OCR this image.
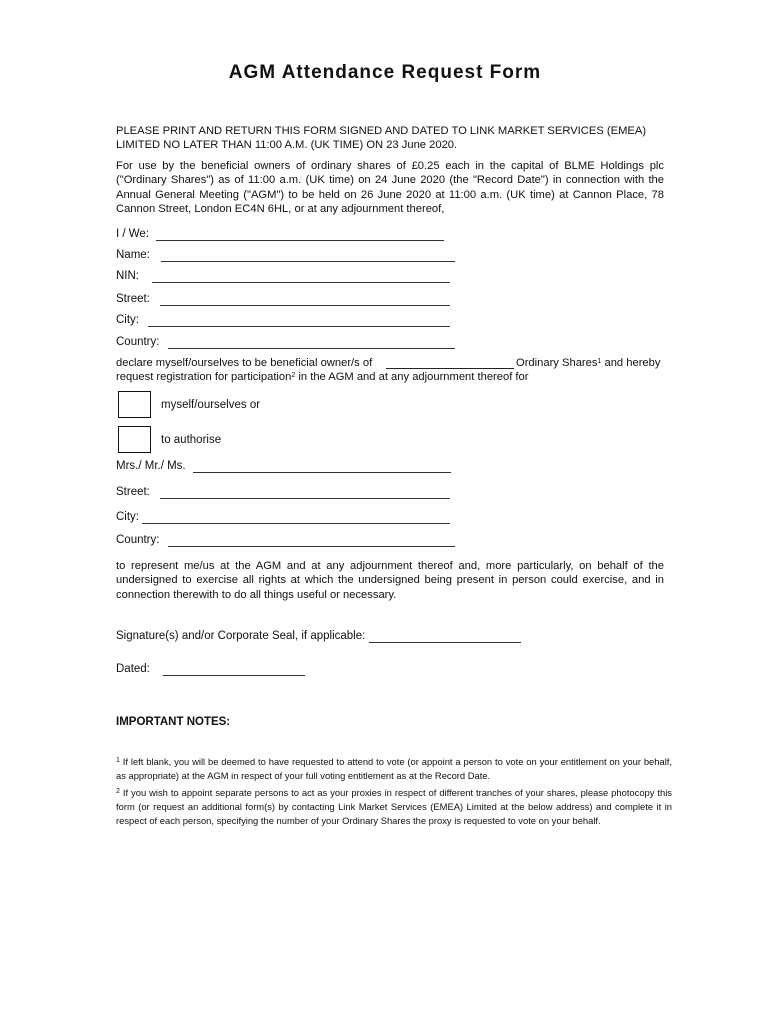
AGM Attendance Request Form
PLEASE PRINT AND RETURN THIS FORM SIGNED AND DATED TO LINK MARKET SERVICES (EMEA) LIMITED NO LATER THAN 11:00 A.M. (UK TIME) ON 23 June 2020.
For use by the beneficial owners of ordinary shares of £0.25 each in the capital of BLME Holdings plc ("Ordinary Shares") as of 11:00 a.m. (UK time) on 24 June 2020 (the "Record Date") in connection with the Annual General Meeting ("AGM") to be held on 26 June 2020 at 11:00 a.m. (UK time) at Cannon Place, 78 Cannon Street, London EC4N 6HL, or at any adjournment thereof,
I / We:
Name:
NIN:
Street:
City:
Country:
declare myself/ourselves to be beneficial owner/s of	Ordinary Shares$^1$ and hereby

request registration for participation$^2$ in the AGM and at any adjournment thereof for
myself/ourselves or
to authorise
Mrs./ Mr./ Ms.
Street:
City:
Country:
to represent me/us at the AGM and at any adjournment thereof and, more particularly, on behalf of the undersigned to exercise all rights at which the undersigned being present in person could exercise, and in connection therewith to do all things useful or necessary.
Signature(s) and/or Corporate Seal, if applicable:
Dated:
IMPORTANT NOTES:
$^1$ If left blank, you will be deemed to have requested to attend to vote (or appoint a person to vote on your entitlement on your behalf, as appropriate) at the AGM in respect of your full voting entitlement as at the Record Date.
$^2$ If you wish to appoint separate persons to act as your proxies in respect of different tranches of your shares, please photocopy this form (or request an additional form(s) by contacting Link Market Services (EMEA) Limited at the below address) and complete it in respect of each person, specifying the number of your Ordinary Shares the proxy is requested to vote on your behalf.
